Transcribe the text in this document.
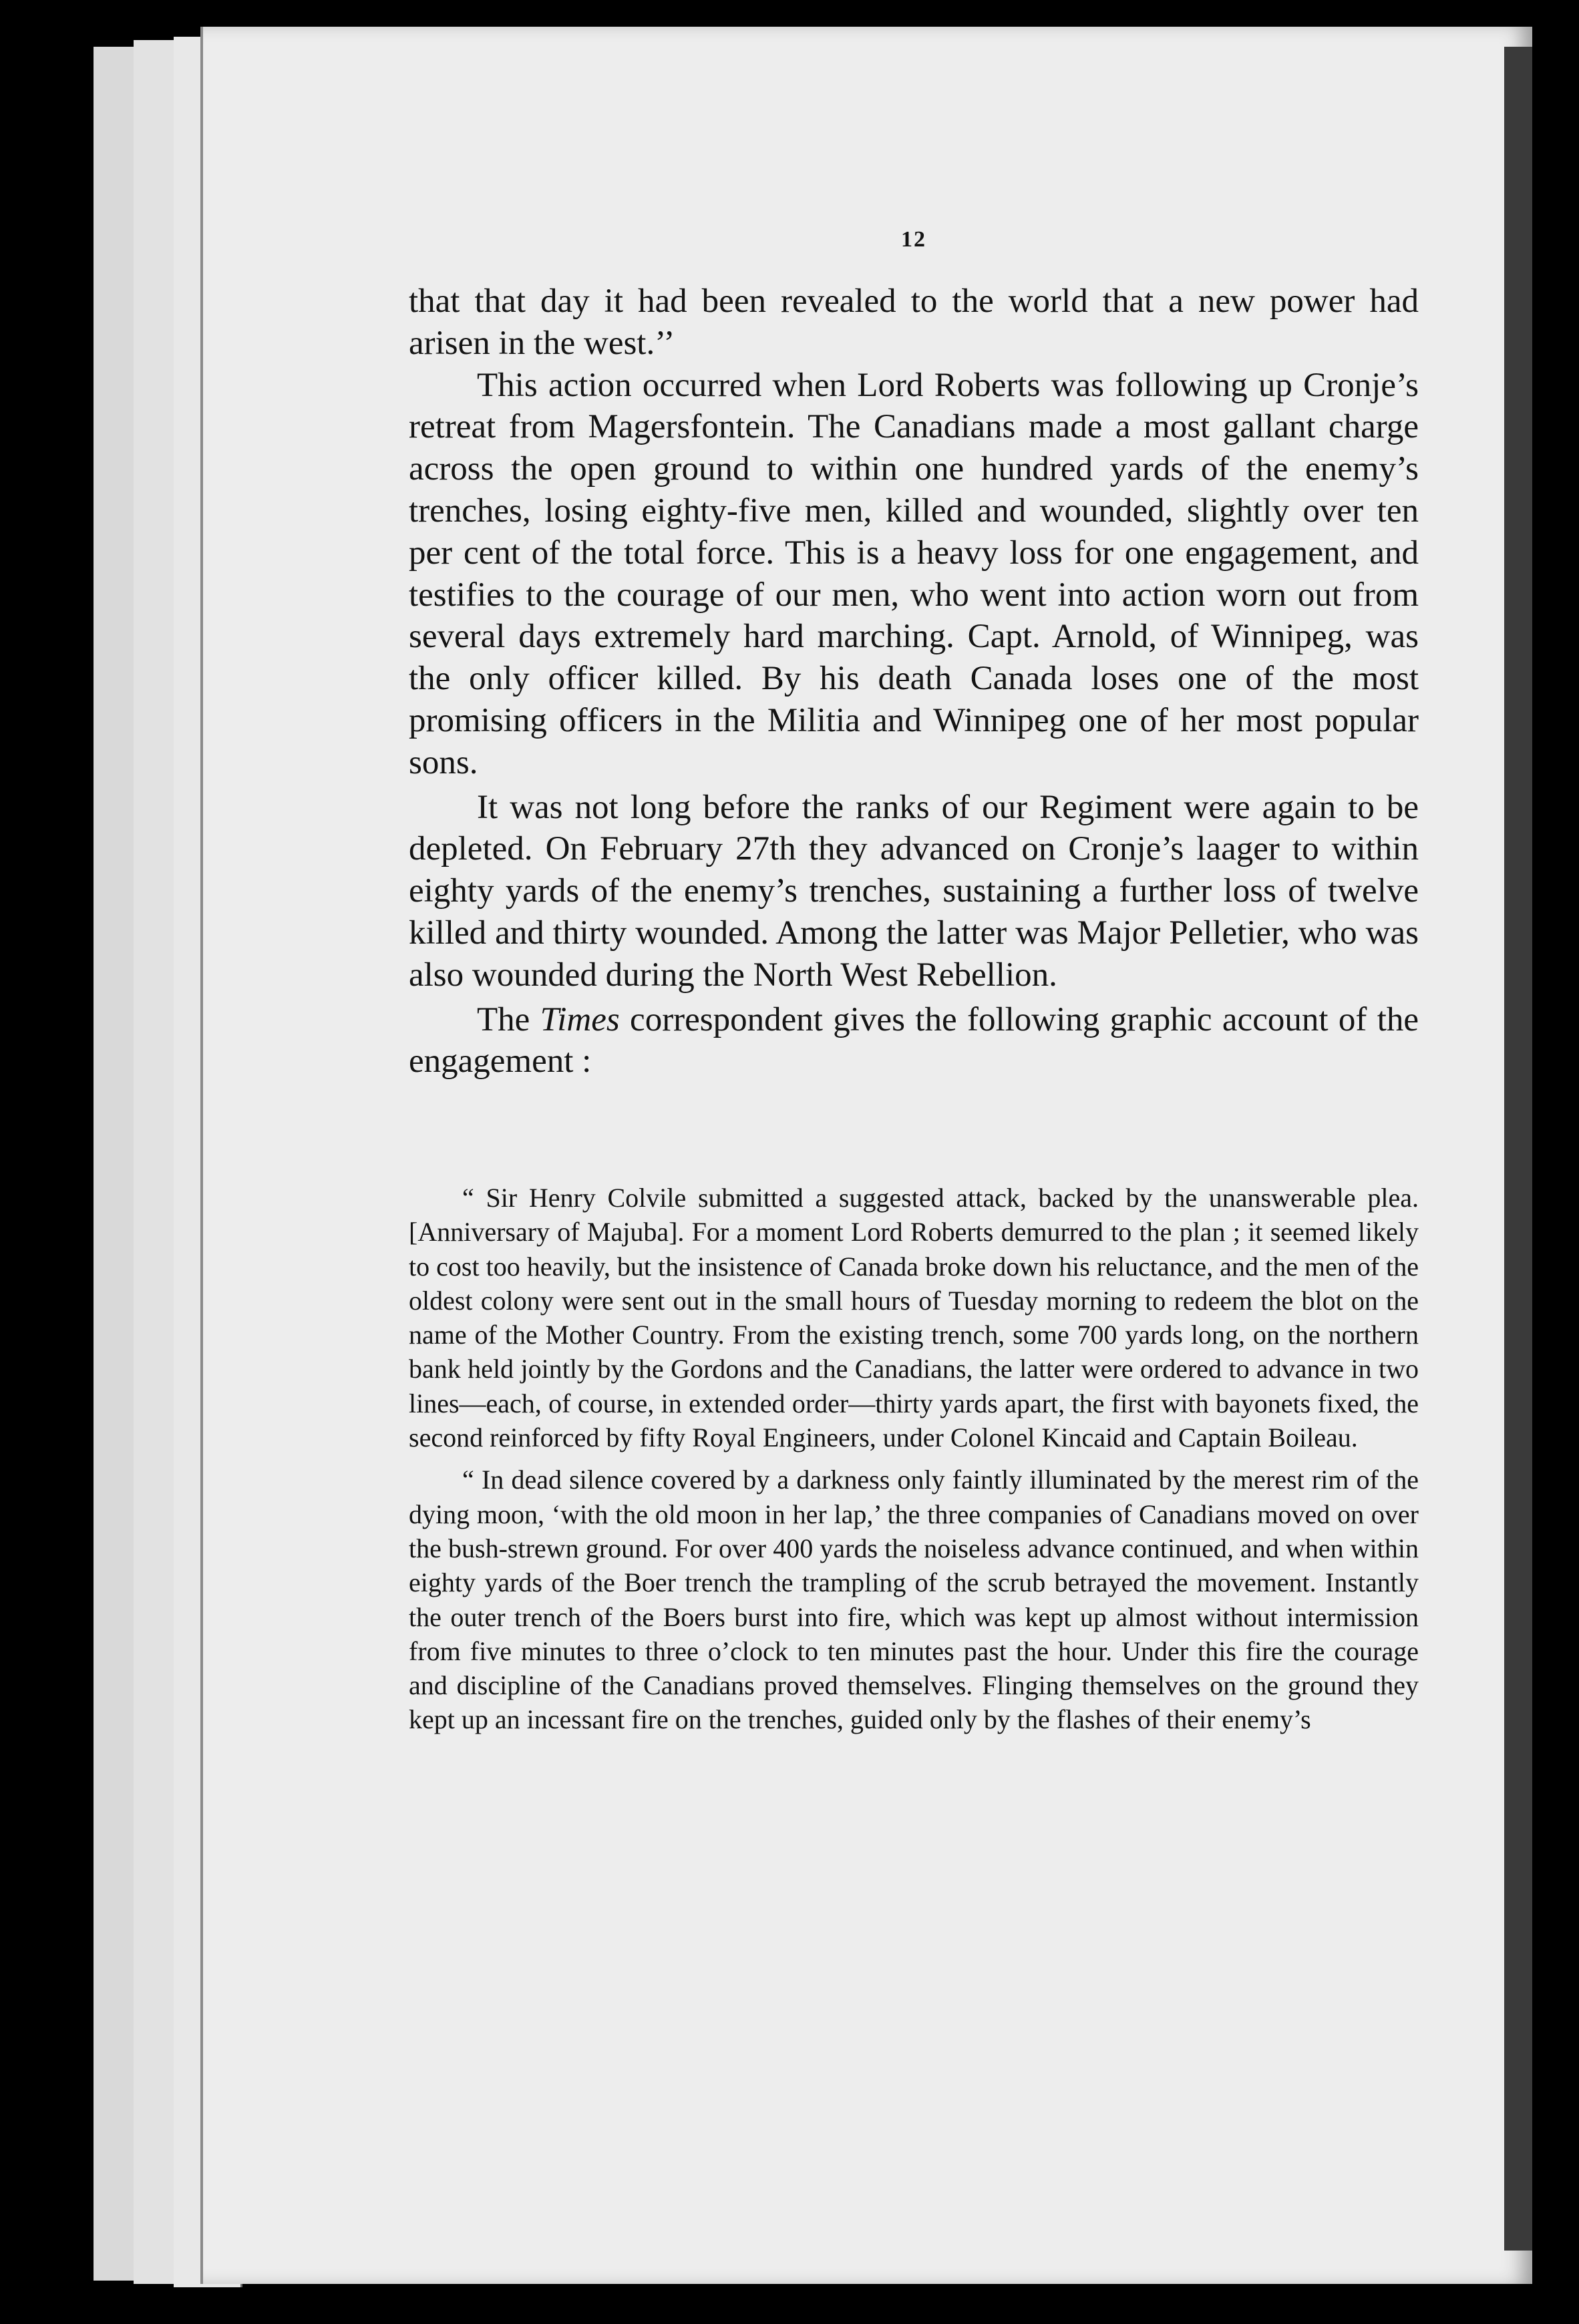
12

that that day it had been revealed to the world that a new power had arisen in the west.’’

This action occurred when Lord Roberts was following up Cronje’s retreat from Magersfontein. The Canadians made a most gallant charge across the open ground to within one hundred yards of the enemy’s trenches, losing eighty-five men, killed and wounded, slightly over ten per cent of the total force. This is a heavy loss for one engagement, and testifies to the courage of our men, who went into action worn out from several days extremely hard marching. Capt. Arnold, of Winnipeg, was the only officer killed. By his death Canada loses one of the most promising officers in the Militia and Winnipeg one of her most popular sons.

It was not long before the ranks of our Regiment were again to be depleted. On February 27th they advanced on Cronje’s laager to within eighty yards of the enemy’s trenches, sustaining a further loss of twelve killed and thirty wounded. Among the latter was Major Pelletier, who was also wounded during the North West Rebellion.

The Times correspondent gives the following graphic account of the engagement :

“ Sir Henry Colvile submitted a suggested attack, backed by the unanswerable plea. [Anniversary of Majuba]. For a moment Lord Roberts demurred to the plan ; it seemed likely to cost too heavily, but the insistence of Canada broke down his reluctance, and the men of the oldest colony were sent out in the small hours of Tuesday morning to redeem the blot on the name of the Mother Country. From the existing trench, some 700 yards long, on the northern bank held jointly by the Gordons and the Canadians, the latter were ordered to advance in two lines—each, of course, in extended order—thirty yards apart, the first with bayonets fixed, the second reinforced by fifty Royal Engineers, under Colonel Kincaid and Captain Boileau.

“ In dead silence covered by a darkness only faintly illuminated by the merest rim of the dying moon, ‘with the old moon in her lap,’ the three companies of Canadians moved on over the bush-strewn ground. For over 400 yards the noiseless advance continued, and when within eighty yards of the Boer trench the trampling of the scrub betrayed the movement. Instantly the outer trench of the Boers burst into fire, which was kept up almost without intermission from five minutes to three o’clock to ten minutes past the hour. Under this fire the courage and discipline of the Canadians proved themselves. Flinging themselves on the ground they kept up an incessant fire on the trenches, guided only by the flashes of their enemy’s
